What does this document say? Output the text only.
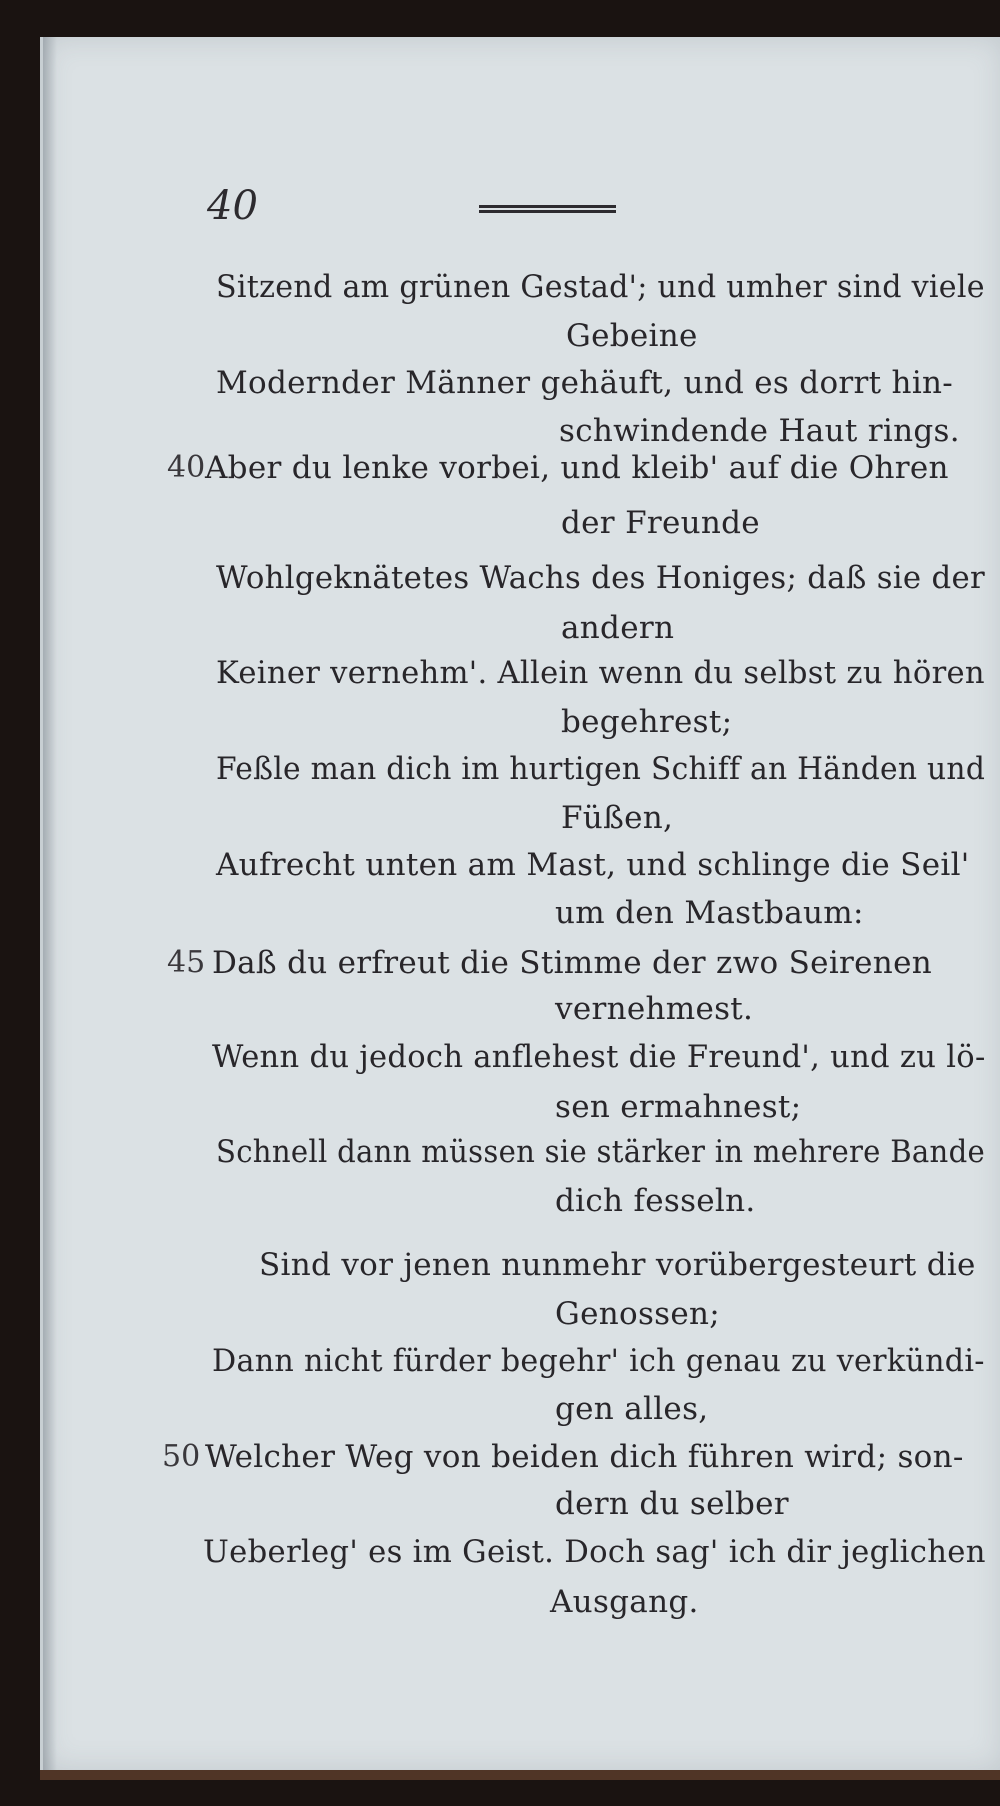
40
40
45
50
Sitzend am grünen Gestad'; und umher sind viele
Gebeine
Modernder Männer gehäuft, und es dorrt hin-
schwindende Haut rings.
Aber du lenke vorbei, und kleib' auf die Ohren
der Freunde
Wohlgeknätetes Wachs des Honiges; daß sie der
andern
Keiner vernehm'. Allein wenn du selbst zu hören
begehrest;
Feßle man dich im hurtigen Schiff an Händen und
Füßen,
Aufrecht unten am Mast, und schlinge die Seil'
um den Mastbaum:
Daß du erfreut die Stimme der zwo Seirenen
vernehmest.
Wenn du jedoch anflehest die Freund', und zu lö-
sen ermahnest;
Schnell dann müssen sie stärker in mehrere Bande
dich fesseln.
Sind vor jenen nunmehr vorübergesteurt die
Genossen;
Dann nicht fürder begehr' ich genau zu verkündi-
gen alles,
Welcher Weg von beiden dich führen wird; son-
dern du selber
Ueberleg' es im Geist. Doch sag' ich dir jeglichen
Ausgang.
